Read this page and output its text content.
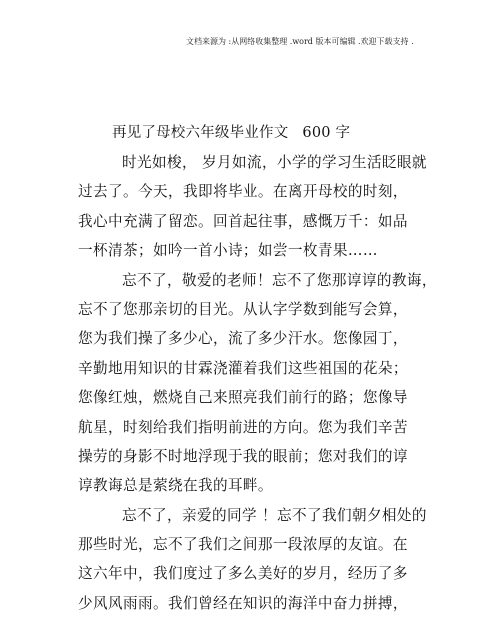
文档来源为 :从网络收集整理 .word 版本可编辑 .欢迎下载支持 .
再见了母校六年级毕业作文 600 字
时光如梭， 岁月如流，小学的学习生活眨眼就
过去了。今天，我即将毕业。在离开母校的时刻，
我心中充满了留恋。回首起往事，感慨万千：如品
一杯清茶；如吟一首小诗；如尝一枚青果……
忘不了，敬爱的老师！忘不了您那谆谆的教诲，
忘不了您那亲切的目光。从认字学数到能写会算，
您为我们操了多少心，流了多少汗水。您像园丁，
辛勤地用知识的甘霖浇灌着我们这些祖国的花朵；
您像红烛，燃烧自己来照亮我们前行的路；您像导
航星，时刻给我们指明前进的方向。您为我们辛苦
操劳的身影不时地浮现于我的眼前；您对我们的谆
谆教诲总是萦绕在我的耳畔。
忘不了，亲爱的同学 ！忘不了我们朝夕相处的
那些时光，忘不了我们之间那一段浓厚的友谊。在
这六年中，我们度过了多么美好的岁月，经历了多
少风风雨雨。我们曾经在知识的海洋中奋力拼搏，
